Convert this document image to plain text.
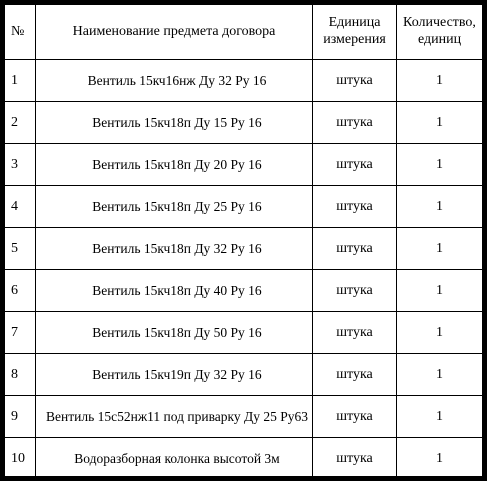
№	Наименование предмета договора	Единица измерения	Количество, единиц
1	Вентиль 15кч16нж Ду 32 Ру 16	штука	1
2	Вентиль 15кч18п Ду 15 Ру 16	штука	1
3	Вентиль 15кч18п Ду 20 Ру 16	штука	1
4	Вентиль 15кч18п Ду 25 Ру 16	штука	1
5	Вентиль 15кч18п Ду 32 Ру 16	штука	1
6	Вентиль 15кч18п Ду 40 Ру 16	штука	1
7	Вентиль 15кч18п Ду 50 Ру 16	штука	1
8	Вентиль 15кч19п Ду 32 Ру 16	штука	1
9	Вентиль 15с52нж11 под приварку Ду 25 Ру63	штука	1
10	Водоразборная колонка высотой 3м	штука	1
